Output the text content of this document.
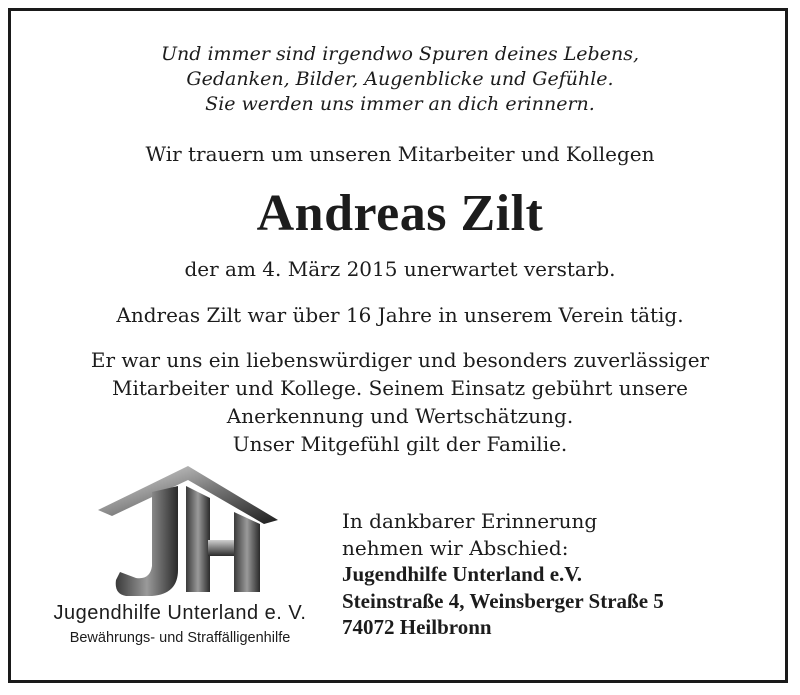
Und immer sind irgendwo Spuren deines Lebens,
Gedanken, Bilder, Augenblicke und Gefühle.
Sie werden uns immer an dich erinnern.
Wir trauern um unseren Mitarbeiter und Kollegen
Andreas Zilt
der am 4. März 2015 unerwartet verstarb.
Andreas Zilt war über 16 Jahre in unserem Verein tätig.
Er war uns ein liebenswürdiger und besonders zuverlässiger
Mitarbeiter und Kollege. Seinem Einsatz gebührt unsere
Anerkennung und Wertschätzung.
Unser Mitgefühl gilt der Familie.
Jugendhilfe Unterland e. V.
Bewährungs- und Straffälligenhilfe
In dankbarer Erinnerung
nehmen wir Abschied:
Jugendhilfe Unterland e.V.
Steinstraße 4, Weinsberger Straße 5
74072 Heilbronn
